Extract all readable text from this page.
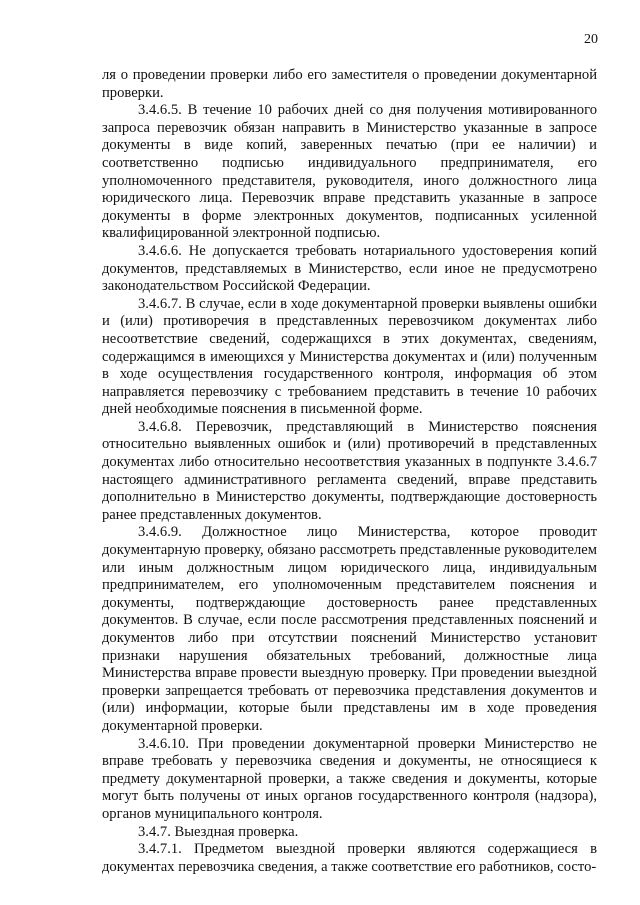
20

ля о проведении проверки либо его заместителя о проведении документарной проверки.

3.4.6.5. В течение 10 рабочих дней со дня получения мотивированного запроса перевозчик обязан направить в Министерство указанные в запросе документы в виде копий, заверенных печатью (при ее наличии) и соответственно подписью индивидуального предпринимателя, его уполномоченного представителя, руководителя, иного должностного лица юридического лица. Перевозчик вправе представить указанные в запросе документы в форме электронных документов, подписанных усиленной квалифицированной электронной подписью.

3.4.6.6. Не допускается требовать нотариального удостоверения копий документов, представляемых в Министерство, если иное не предусмотрено законодательством Российской Федерации.

3.4.6.7. В случае, если в ходе документарной проверки выявлены ошибки и (или) противоречия в представленных перевозчиком документах либо несоответствие сведений, содержащихся в этих документах, сведениям, содержащимся в имеющихся у Министерства документах и (или) полученным в ходе осуществления государственного контроля, информация об этом направляется перевозчику с требованием представить в течение 10 рабочих дней необходимые пояснения в письменной форме.

3.4.6.8. Перевозчик, представляющий в Министерство пояснения относительно выявленных ошибок и (или) противоречий в представленных документах либо относительно несоответствия указанных в подпункте 3.4.6.7 настоящего административного регламента сведений, вправе представить дополнительно в Министерство документы, подтверждающие достоверность ранее представленных документов.

3.4.6.9. Должностное лицо Министерства, которое проводит документарную проверку, обязано рассмотреть представленные руководителем или иным должностным лицом юридического лица, индивидуальным предпринимателем, его уполномоченным представителем пояснения и документы, подтверждающие достоверность ранее представленных документов. В случае, если после рассмотрения представленных пояснений и документов либо при отсутствии пояснений Министерство установит признаки нарушения обязательных требований, должностные лица Министерства вправе провести выездную проверку. При проведении выездной проверки запрещается требовать от перевозчика представления документов и (или) информации, которые были представлены им в ходе проведения документарной проверки.

3.4.6.10. При проведении документарной проверки Министерство не вправе требовать у перевозчика сведения и документы, не относящиеся к предмету документарной проверки, а также сведения и документы, которые могут быть получены от иных органов государственного контроля (надзора), органов муниципального контроля.

3.4.7. Выездная проверка.

3.4.7.1. Предметом выездной проверки являются содержащиеся в документах перевозчика сведения, а также соответствие его работников, состо-
